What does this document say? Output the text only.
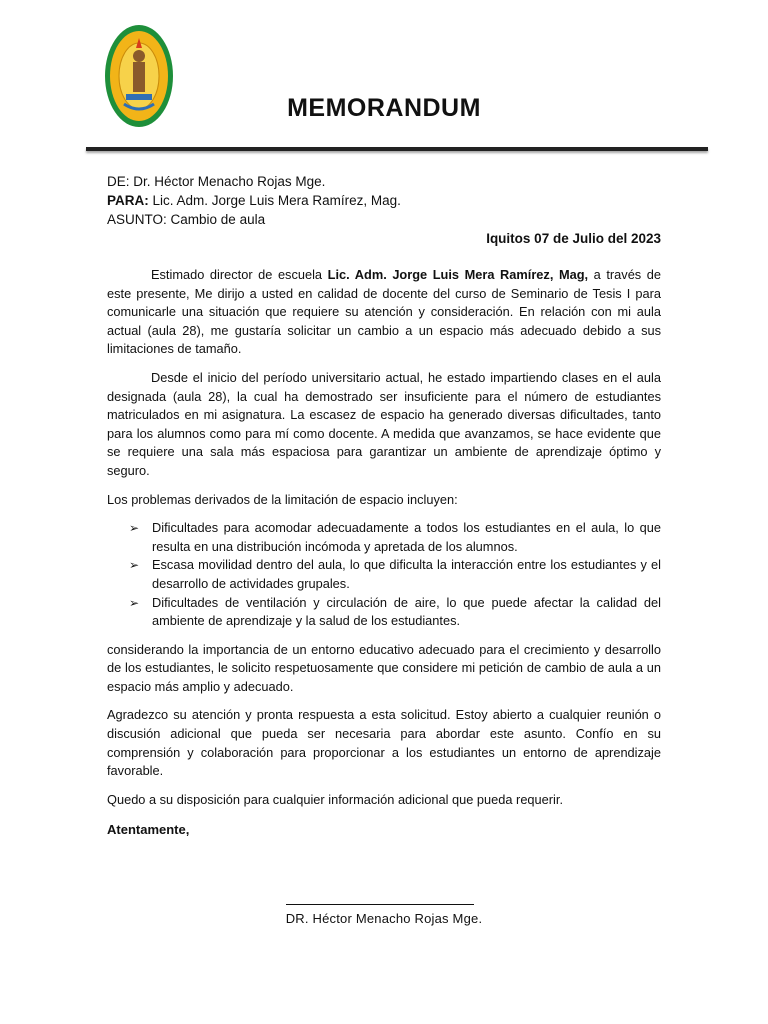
MEMORANDUM
DE: Dr. Héctor Menacho Rojas Mge.
PARA: Lic. Adm. Jorge Luis Mera Ramírez, Mag.
ASUNTO: Cambio de aula
Iquitos 07 de Julio del 2023

Estimado director de escuela Lic. Adm. Jorge Luis Mera Ramírez, Mag, a través de este presente, Me dirijo a usted en calidad de docente del curso de Seminario de Tesis I para comunicarle una situación que requiere su atención y consideración. En relación con mi aula actual (aula 28), me gustaría solicitar un cambio a un espacio más adecuado debido a sus limitaciones de tamaño.

Desde el inicio del período universitario actual, he estado impartiendo clases en el aula designada (aula 28), la cual ha demostrado ser insuficiente para el número de estudiantes matriculados en mi asignatura. La escasez de espacio ha generado diversas dificultades, tanto para los alumnos como para mí como docente. A medida que avanzamos, se hace evidente que se requiere una sala más espaciosa para garantizar un ambiente de aprendizaje óptimo y seguro.

Los problemas derivados de la limitación de espacio incluyen:

➢ Dificultades para acomodar adecuadamente a todos los estudiantes en el aula, lo que resulta en una distribución incómoda y apretada de los alumnos.
➢ Escasa movilidad dentro del aula, lo que dificulta la interacción entre los estudiantes y el desarrollo de actividades grupales.
➢ Dificultades de ventilación y circulación de aire, lo que puede afectar la calidad del ambiente de aprendizaje y la salud de los estudiantes.

considerando la importancia de un entorno educativo adecuado para el crecimiento y desarrollo de los estudiantes, le solicito respetuosamente que considere mi petición de cambio de aula a un espacio más amplio y adecuado.

Agradezco su atención y pronta respuesta a esta solicitud. Estoy abierto a cualquier reunión o discusión adicional que pueda ser necesaria para abordar este asunto. Confío en su comprensión y colaboración para proporcionar a los estudiantes un entorno de aprendizaje favorable.

Quedo a su disposición para cualquier información adicional que pueda requerir.

Atentamente,
DR. Héctor Menacho Rojas Mge.
